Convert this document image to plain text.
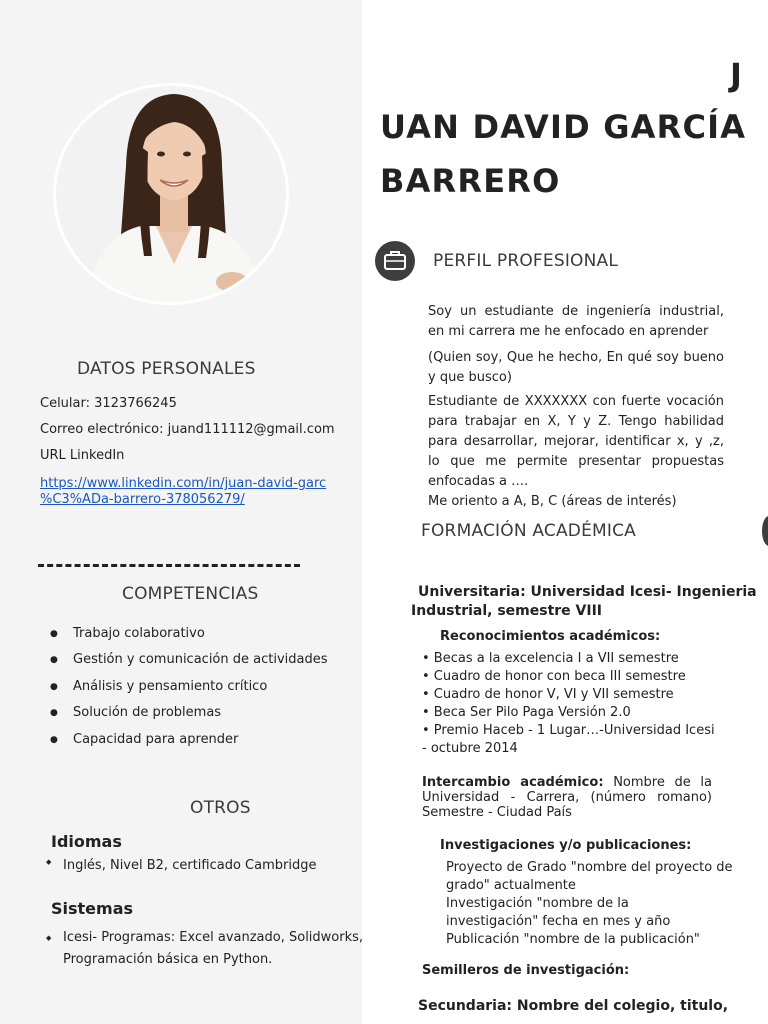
DATOS PERSONALES
Celular: 3123766245
Correo electrónico: juand111112@gmail.com
URL LinkedIn
https://www.linkedin.com/in/juan-david-garc
%C3%ADa-barrero-378056279/
COMPETENCIAS
● Trabajo colaborativo
● Gestión y comunicación de actividades
● Análisis y pensamiento crítico
● Solución de problemas
● Capacidad para aprender
OTROS
Idiomas
◆ Inglés, Nivel B2, certificado Cambridge
Sistemas
◆ Icesi- Programas: Excel avanzado, Solidworks,
Programación básica en Python.
J
UAN DAVID GARCÍA
BARRERO
PERFIL PROFESIONAL
Soy un estudiante de ingeniería industrial, en mi carrera me he enfocado en aprender
(Quien soy, Que he hecho, En qué soy bueno y que busco)
Estudiante de XXXXXXX con fuerte vocación para trabajar en X, Y y Z. Tengo habilidad para desarrollar, mejorar, identificar x, y ,z, lo que me permite presentar propuestas enfocadas a ….
Me oriento a A, B, C (áreas de interés)
FORMACIÓN ACADÉMICA
Universitaria: Universidad Icesi- Ingenieria
Industrial, semestre VIII
Reconocimientos académicos:
• Becas a la excelencia I a VII semestre
• Cuadro de honor con beca III semestre
• Cuadro de honor V, VI y VII semestre
• Beca Ser Pilo Paga Versión 2.0
• Premio Haceb - 1 Lugar…-Universidad Icesi
- octubre 2014
Intercambio académico: Nombre de la Universidad - Carrera, (número romano) Semestre - Ciudad País
Investigaciones y/o publicaciones:
Proyecto de Grado "nombre del proyecto de
grado" actualmente
Investigación "nombre de la
investigación" fecha en mes y año
Publicación "nombre de la publicación"
Semilleros de investigación:
Secundaria: Nombre del colegio, titulo,
